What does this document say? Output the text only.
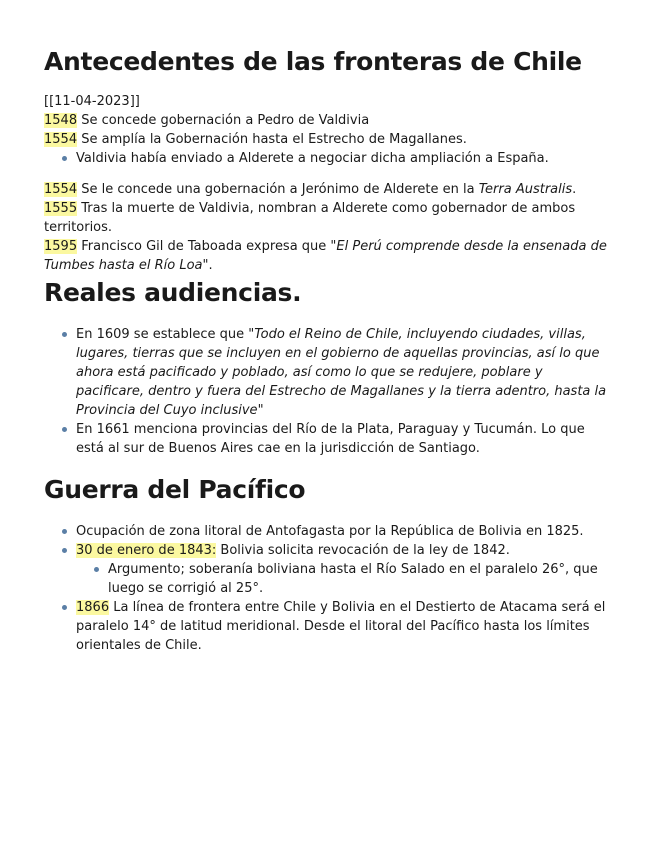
Antecedentes de las fronteras de Chile

[[11-04-2023]]

1548 Se concede gobernación a Pedro de Valdivia

1554 Se amplía la Gobernación hasta el Estrecho de Magallanes.

Valdivia había enviado a Alderete a negociar dicha ampliación a España.

1554 Se le concede una gobernación a Jerónimo de Alderete en la Terra Australis.

1555 Tras la muerte de Valdivia, nombran a Alderete como gobernador de ambos territorios.

1595 Francisco Gil de Taboada expresa que "El Perú comprende desde la ensenada de Tumbes hasta el Río Loa".

Reales audiencias.
En 1609 se establece que "Todo el Reino de Chile, incluyendo ciudades, villas, lugares, tierras que se incluyen en el gobierno de aquellas provincias, así lo que ahora está pacificado y poblado, así como lo que se redujere, poblare y pacificare, dentro y fuera del Estrecho de Magallanes y la tierra adentro, hasta la Provincia del Cuyo inclusive"
En 1661 menciona provincias del Río de la Plata, Paraguay y Tucumán. Lo que está al sur de Buenos Aires cae en la jurisdicción de Santiago.
Guerra del Pacífico
Ocupación de zona litoral de Antofagasta por la República de Bolivia en 1825.
30 de enero de 1843: Bolivia solicita revocación de la ley de 1842.
Argumento; soberanía boliviana hasta el Río Salado en el paralelo 26°, que luego se corrigió al 25°.
1866 La línea de frontera entre Chile y Bolivia en el Destierto de Atacama será el paralelo 14° de latitud meridional. Desde el litoral del Pacífico hasta los límites orientales de Chile.
